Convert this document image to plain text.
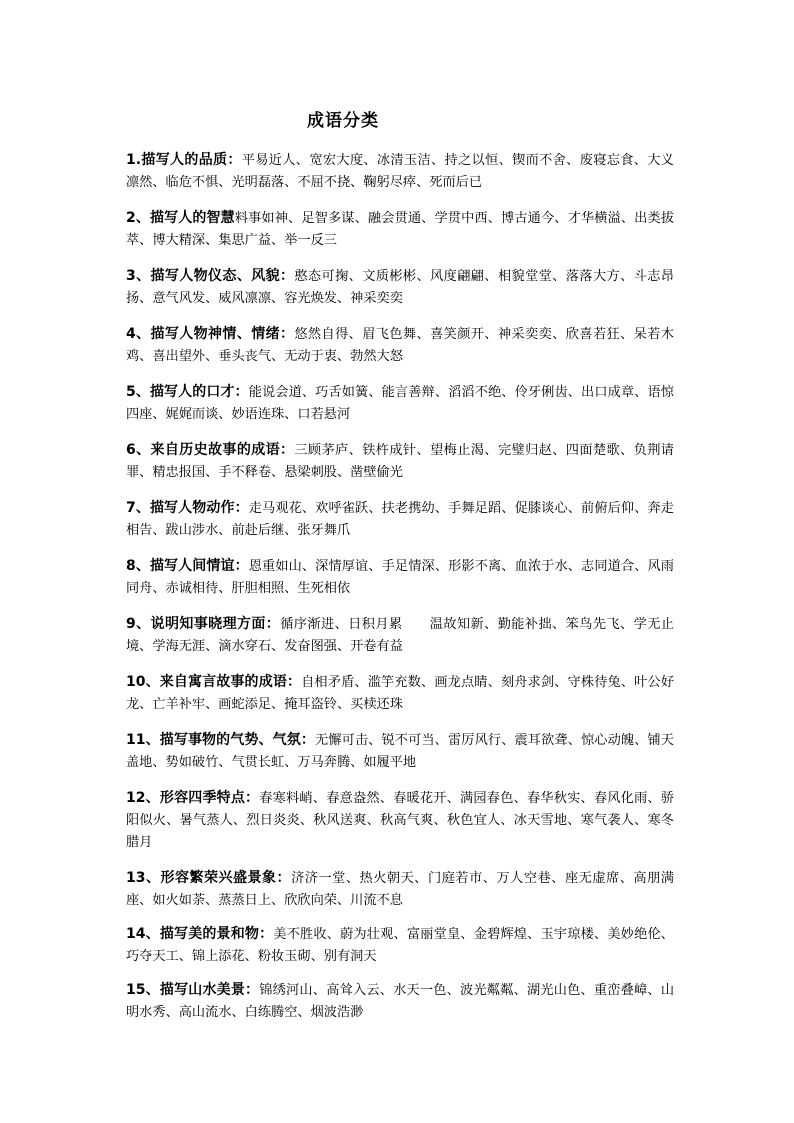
成语分类

1.描写人的品质：平易近人、宽宏大度、冰清玉洁、持之以恒、锲而不舍、废寝忘食、大义凛然、临危不惧、光明磊落、不屈不挠、鞠躬尽瘁、死而后已

2、描写人的智慧料事如神、足智多谋、融会贯通、学贯中西、博古通今、才华横溢、出类拔萃、博大精深、集思广益、举一反三

3、描写人物仪态、风貌：憨态可掬、文质彬彬、风度翩翩、相貌堂堂、落落大方、斗志昂扬、意气风发、威风凛凛、容光焕发、神采奕奕

4、描写人物神情、情绪：悠然自得、眉飞色舞、喜笑颜开、神采奕奕、欣喜若狂、呆若木鸡、喜出望外、垂头丧气、无动于衷、勃然大怒

5、描写人的口才：能说会道、巧舌如簧、能言善辩、滔滔不绝、伶牙俐齿、出口成章、语惊四座、娓娓而谈、妙语连珠、口若悬河

6、来自历史故事的成语：三顾茅庐、铁杵成针、望梅止渴、完璧归赵、四面楚歌、负荆请罪、精忠报国、手不释卷、悬梁刺股、凿壁偷光

7、描写人物动作：走马观花、欢呼雀跃、扶老携幼、手舞足蹈、促膝谈心、前俯后仰、奔走相告、跋山涉水、前赴后继、张牙舞爪

8、描写人间情谊：恩重如山、深情厚谊、手足情深、形影不离、血浓于水、志同道合、风雨同舟、赤诚相待、肝胆相照、生死相依

9、说明知事晓理方面：循序渐进、日积月累　　温故知新、勤能补拙、笨鸟先飞、学无止境、学海无涯、滴水穿石、发奋图强、开卷有益

10、来自寓言故事的成语：自相矛盾、滥竽充数、画龙点睛、刻舟求剑、守株待兔、叶公好龙、亡羊补牢、画蛇添足、掩耳盗铃、买椟还珠

11、描写事物的气势、气氛：无懈可击、锐不可当、雷厉风行、震耳欲聋、惊心动魄、铺天盖地、势如破竹、气贯长虹、万马奔腾、如履平地

12、形容四季特点：春寒料峭、春意盎然、春暖花开、满园春色、春华秋实、春风化雨、骄阳似火、暑气蒸人、烈日炎炎、秋风送爽、秋高气爽、秋色宜人、冰天雪地、寒气袭人、寒冬腊月

13、形容繁荣兴盛景象：济济一堂、热火朝天、门庭若市、万人空巷、座无虚席、高朋满座、如火如荼、蒸蒸日上、欣欣向荣、川流不息

14、描写美的景和物：美不胜收、蔚为壮观、富丽堂皇、金碧辉煌、玉宇琼楼、美妙绝伦、巧夺天工、锦上添花、粉妆玉砌、别有洞天

15、描写山水美景：锦绣河山、高耸入云、水天一色、波光粼粼、湖光山色、重峦叠嶂、山明水秀、高山流水、白练腾空、烟波浩渺
